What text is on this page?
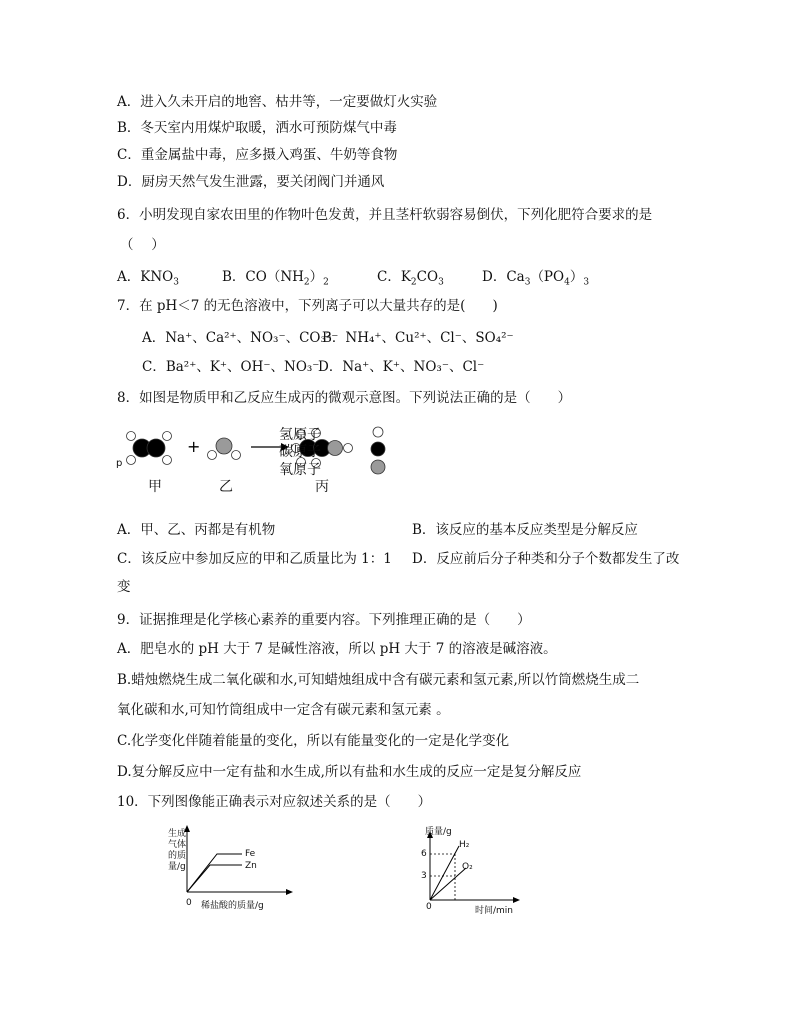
A．进入久未开启的地窖、枯井等，一定要做灯火实验
B．冬天室内用煤炉取暖，洒水可预防煤气中毒
C．重金属盐中毒，应多摄入鸡蛋、牛奶等食物
D．厨房天然气发生泄露，要关闭阀门并通风
6．小明发现自家农田里的作物叶色发黄，并且茎杆软弱容易倒伏，下列化肥符合要求的是
（　 ）
A．$KNO_3$	B．$CO(NH_2)_2$	C．$K_2CO_3$	D．$Ca_3(PO_4)_3$
7．在 pH＜7 的无色溶液中，下列离子可以大量共存的是(　　)
A．Na⁺、Ca²⁺、NO₃⁻、CO₃²⁻
B．NH₄⁺、Cu²⁺、Cl⁻、SO₄²⁻
C．Ba²⁺、K⁺、OH⁻、NO₃⁻
D．Na⁺、K⁺、NO₃⁻、Cl⁻
8．如图是物质甲和乙反应生成丙的微观示意图。下列说法正确的是（　　）
+
氢原子
碳原子
氧原子
p
甲	乙	丙
A．甲、乙、丙都是有机物	B．该反应的基本反应类型是分解反应
C．该反应中参加反应的甲和乙质量比为 1：1 D．反应前后分子种类和分子个数都发生了改
变
9．证据推理是化学核心素养的重要内容。下列推理正确的是（　　）
A．肥皂水的 pH 大于 7 是碱性溶液，所以 pH 大于 7 的溶液是碱溶液。
B.蜡烛燃烧生成二氧化碳和水,可知蜡烛组成中含有碳元素和氢元素,所以竹筒燃烧生成二
氧化碳和水,可知竹筒组成中一定含有碳元素和氢元素 。
C.化学变化伴随着能量的变化，所以有能量变化的一定是化学变化
D.复分解反应中一定有盐和水生成,所以有盐和水生成的反应一定是复分解反应
10．下列图像能正确表示对应叙述关系的是（　　）
生成
气体
的质
量/g
Fe
Zn
0 稀盐酸的质量/g
质量/g
6
3
H₂
O₂
0	时间/min
